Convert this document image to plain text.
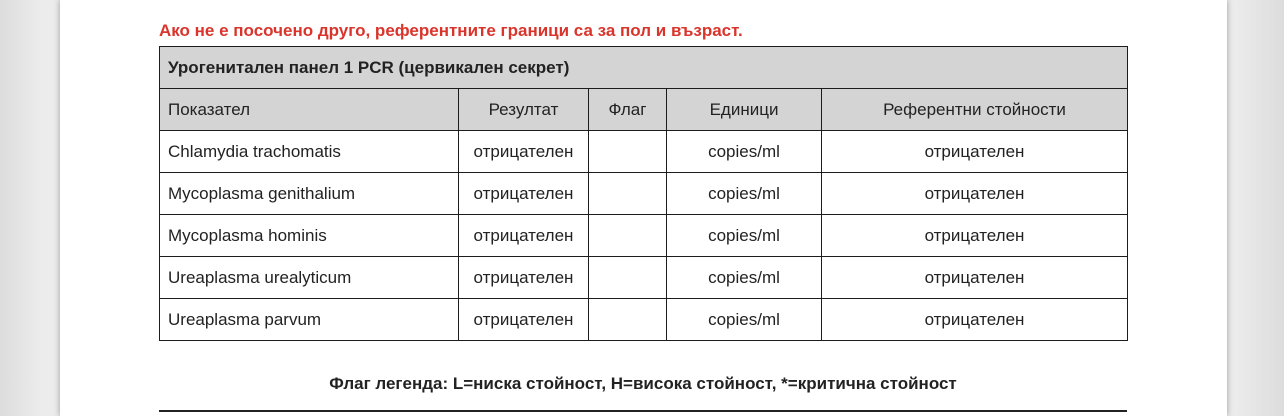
Ако не е посочено друго, референтните граници са за пол и възраст.
Урогенитален панел 1 PCR (цервикален секрет)				
Показател	Резултат	Флаг	Единици	Референтни стойности
Chlamydia trachomatis	отрицателен		copies/ml	отрицателен
Mycoplasma genithalium	отрицателен		copies/ml	отрицателен
Mycoplasma hominis	отрицателен		copies/ml	отрицателен
Ureaplasma urealyticum	отрицателен		copies/ml	отрицателен
Ureaplasma parvum	отрицателен		copies/ml	отрицателен
Флаг легенда: L=ниска стойност, H=висока стойност, *=критична стойност
